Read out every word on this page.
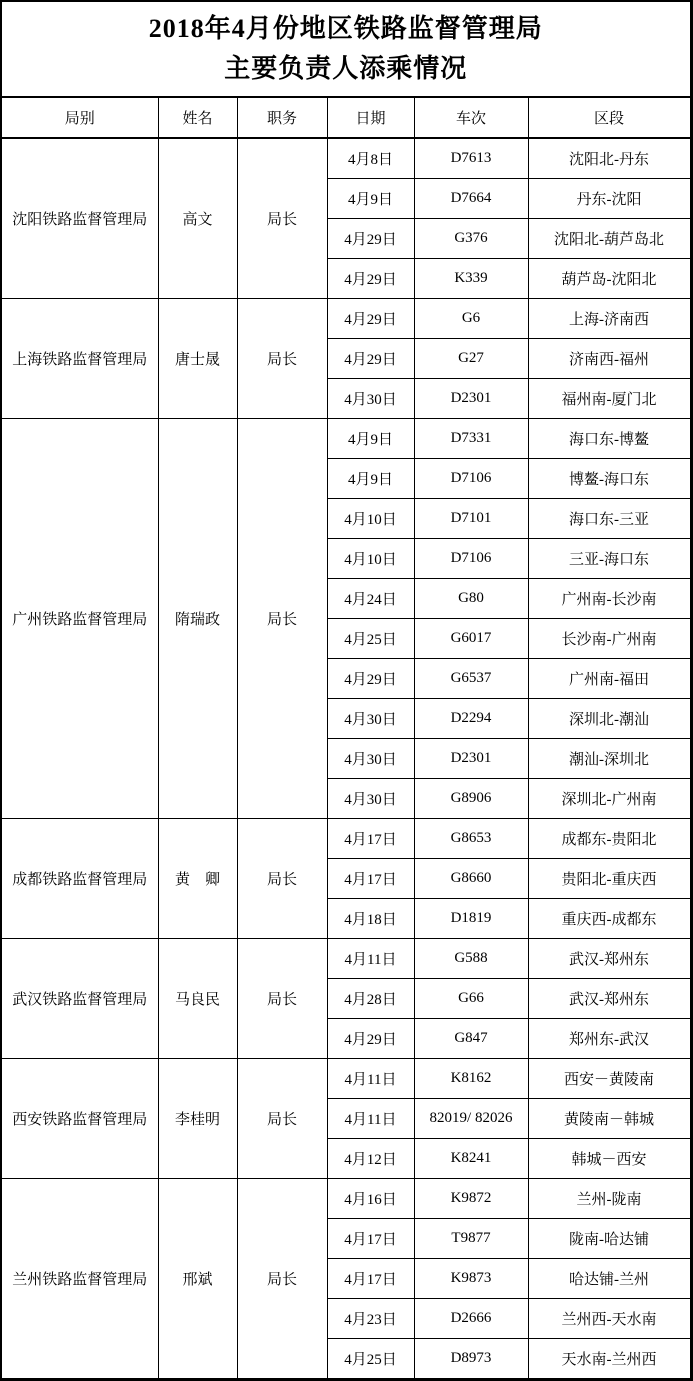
2018年4月份地区铁路监督管理局
主要负责人添乘情况					

局别	姓名	职务	日期	车次	区段
沈阳铁路监督管理局	高文	局长	4月8日	D7613	沈阳北-丹东
			4月9日	D7664	丹东-沈阳
			4月29日	G376	沈阳北-葫芦岛北
			4月29日	K339	葫芦岛-沈阳北
上海铁路监督管理局	唐士晟	局长	4月29日	G6	上海-济南西
			4月29日	G27	济南西-福州
			4月30日	D2301	福州南-厦门北
广州铁路监督管理局	隋瑞政	局长	4月9日	D7331	海口东-博鳌
			4月9日	D7106	博鳌-海口东
			4月10日	D7101	海口东-三亚
			4月10日	D7106	三亚-海口东
			4月24日	G80	广州南-长沙南
			4月25日	G6017	长沙南-广州南
			4月29日	G6537	广州南-福田
			4月30日	D2294	深圳北-潮汕
			4月30日	D2301	潮汕-深圳北
			4月30日	G8906	深圳北-广州南
成都铁路监督管理局	黄　卿	局长	4月17日	G8653	成都东-贵阳北
			4月17日	G8660	贵阳北-重庆西
			4月18日	D1819	重庆西-成都东
武汉铁路监督管理局	马良民	局长	4月11日	G588	武汉-郑州东
			4月28日	G66	武汉-郑州东
			4月29日	G847	郑州东-武汉
西安铁路监督管理局	李桂明	局长	4月11日	K8162	西安－黄陵南
			4月11日	82019/ 82026	黄陵南－韩城
			4月12日	K8241	韩城－西安
兰州铁路监督管理局	邢斌	局长	4月16日	K9872	兰州-陇南
			4月17日	T9877	陇南-哈达铺
			4月17日	K9873	哈达铺-兰州
			4月23日	D2666	兰州西-天水南
			4月25日	D8973	天水南-兰州西
